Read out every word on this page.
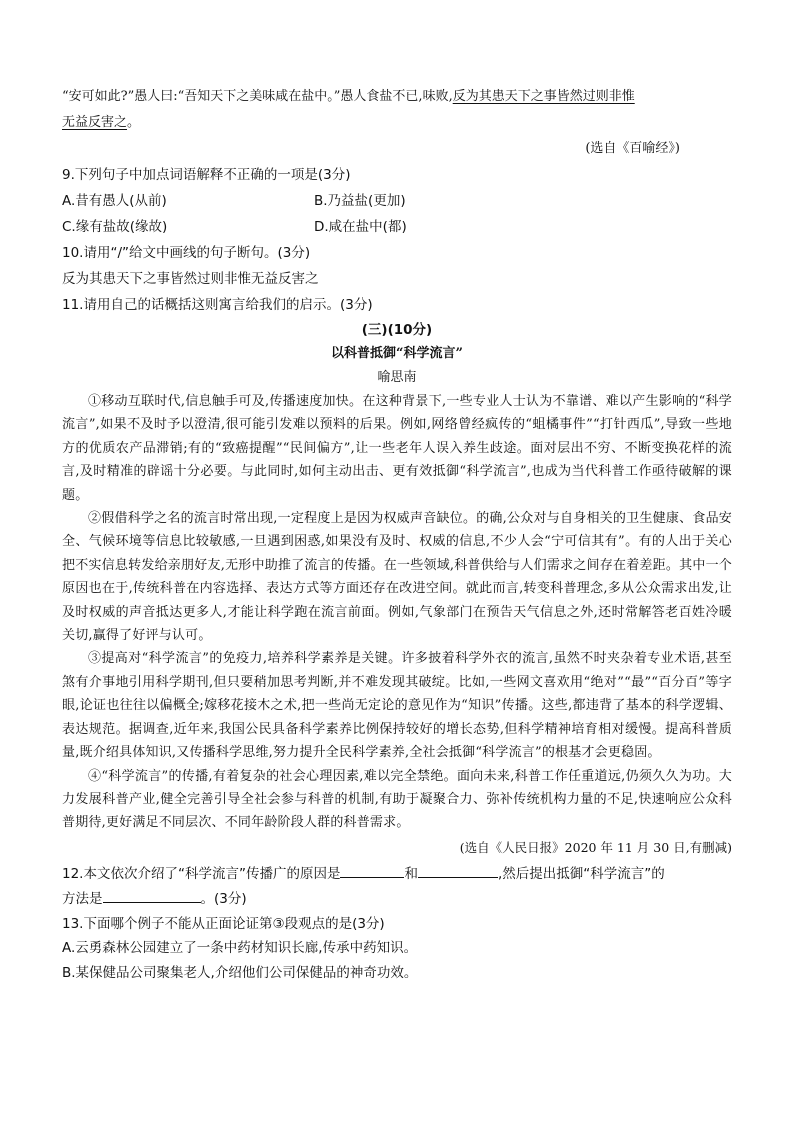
“安可如此?”愚人曰:“吾知天下之美味咸在盐中。”愚人食盐不已,味败,反为其患天下之事皆然过则非惟
无益反害之。
(选自《百喻经》)
9.下列句子中加点词语解释不正确的一项是(3分)
A.昔有愚人(从前)	B.乃益盐(更加)
C.缘有盐故(缘故)	D.咸在盐中(都)
10.请用“/”给文中画线的句子断句。(3分)
反为其患天下之事皆然过则非惟无益反害之
11.请用自己的话概括这则寓言给我们的启示。(3分)
(三)(10分)
以科普抵御“科学流言”
喻思南

①移动互联时代,信息触手可及,传播速度加快。在这种背景下,一些专业人士认为不靠谱、难以产生影响的“科学流言”,如果不及时予以澄清,很可能引发难以预料的后果。例如,网络曾经疯传的“蛆橘事件”“打针西瓜”,导致一些地方的优质农产品滞销;有的“致癌提醒”“民间偏方”,让一些老年人误入养生歧途。面对层出不穷、不断变换花样的流言,及时精准的辟谣十分必要。与此同时,如何主动出击、更有效抵御“科学流言”,也成为当代科普工作亟待破解的课题。

②假借科学之名的流言时常出现,一定程度上是因为权威声音缺位。的确,公众对与自身相关的卫生健康、食品安全、气候环境等信息比较敏感,一旦遇到困惑,如果没有及时、权威的信息,不少人会“宁可信其有”。有的人出于关心把不实信息转发给亲朋好友,无形中助推了流言的传播。在一些领域,科普供给与人们需求之间存在着差距。其中一个原因也在于,传统科普在内容选择、表达方式等方面还存在改进空间。就此而言,转变科普理念,多从公众需求出发,让及时权威的声音抵达更多人,才能让科学跑在流言前面。例如,气象部门在预告天气信息之外,还时常解答老百姓冷暖关切,赢得了好评与认可。

③提高对“科学流言”的免疫力,培养科学素养是关键。许多披着科学外衣的流言,虽然不时夹杂着专业术语,甚至煞有介事地引用科学期刊,但只要稍加思考判断,并不难发现其破绽。比如,一些网文喜欢用“绝对”“最”“百分百”等字眼,论证也往往以偏概全;嫁移花接木之术,把一些尚无定论的意见作为“知识”传播。这些,都违背了基本的科学逻辑、表达规范。据调查,近年来,我国公民具备科学素养比例保持较好的增长态势,但科学精神培育相对缓慢。提高科普质量,既介绍具体知识,又传播科学思维,努力提升全民科学素养,全社会抵御“科学流言”的根基才会更稳固。

④“科学流言”的传播,有着复杂的社会心理因素,难以完全禁绝。面向未来,科普工作任重道远,仍须久久为功。大力发展科普产业,健全完善引导全社会参与科普的机制,有助于凝聚合力、弥补传统机构力量的不足,快速响应公众科普期待,更好满足不同层次、不同年龄阶段人群的科普需求。

(选自《人民日报》2020 年 11 月 30 日,有删减)
12.本文依次介绍了“科学流言”传播广的原因是	和	,然后提出抵御“科学流言”的
方法是	。(3分)
13.下面哪个例子不能从正面论证第③段观点的是(3分)
A.云勇森林公园建立了一条中药材知识长廊,传承中药知识。
B.某保健品公司聚集老人,介绍他们公司保健品的神奇功效。
